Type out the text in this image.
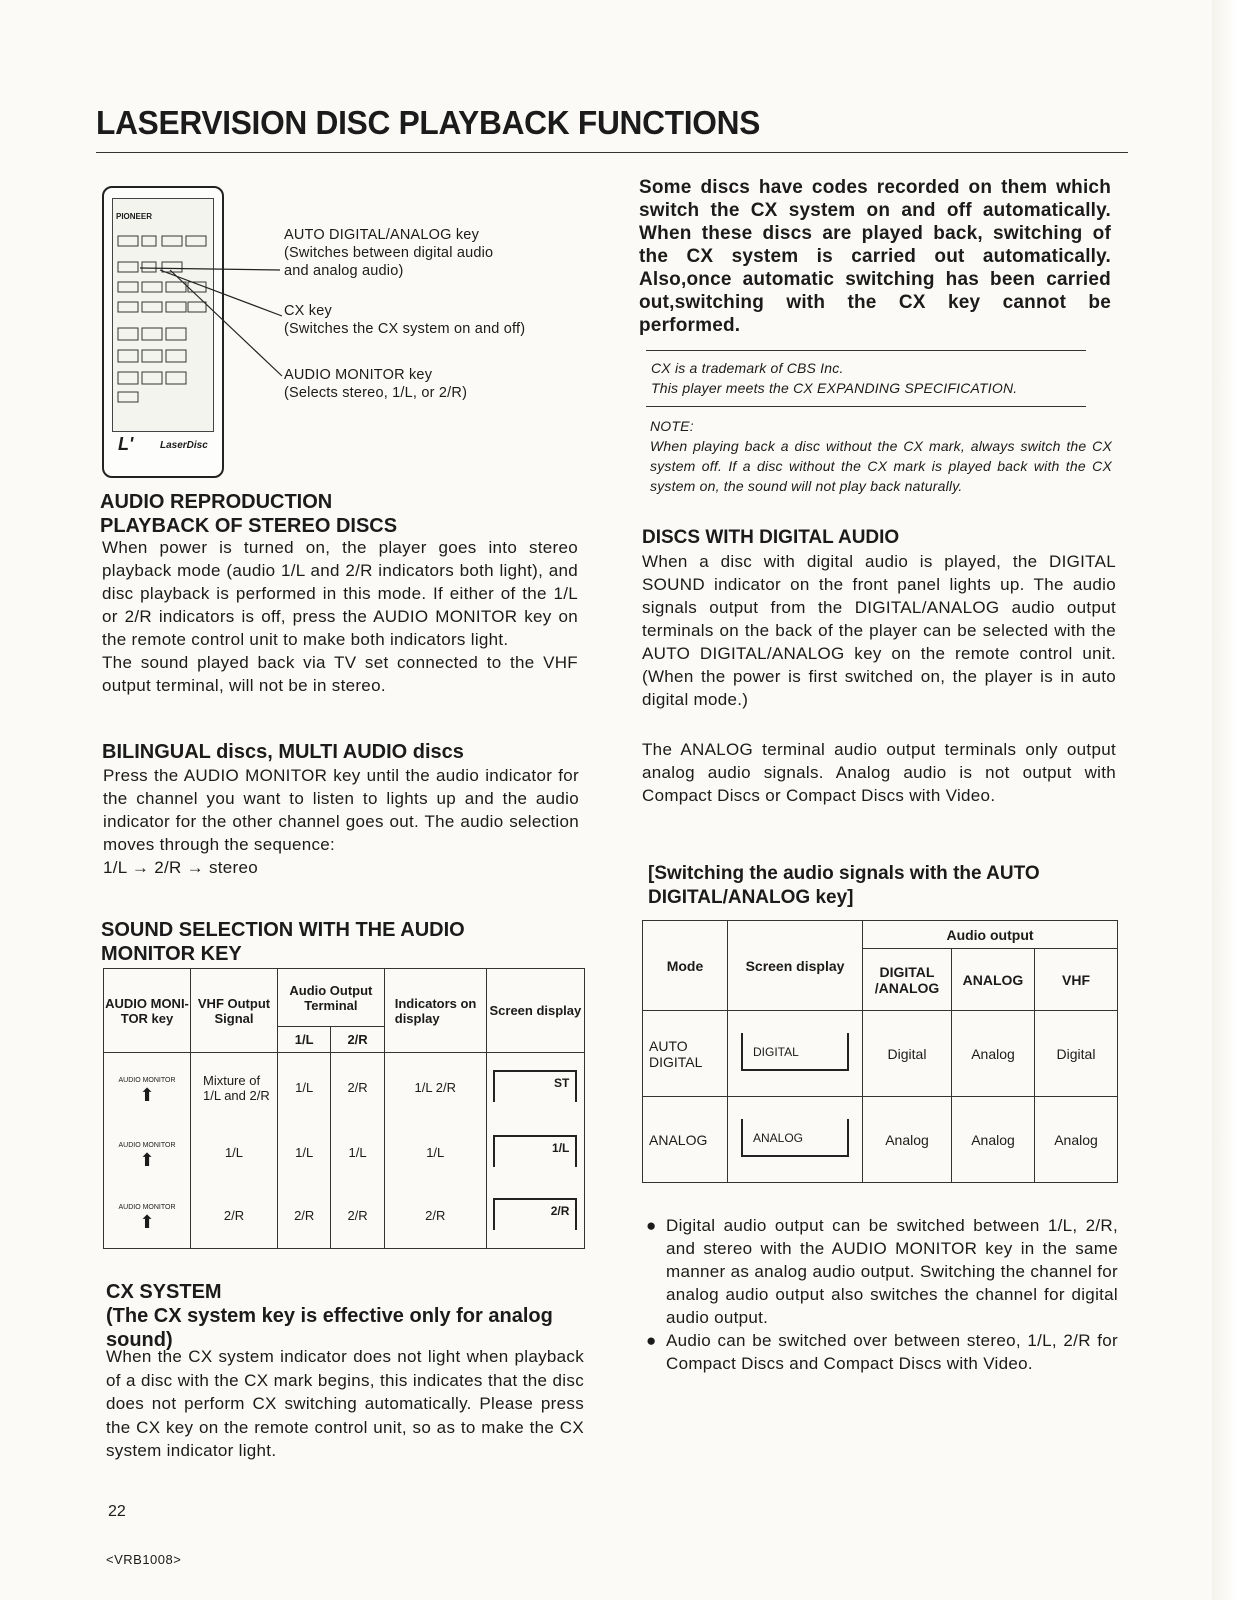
LASERVISION DISC PLAYBACK FUNCTIONS
PIONEER
L'	LaserDisc
AUTO DIGITAL/ANALOG key
(Switches between digital audio
and analog audio)
CX key
(Switches the CX system on and off)
AUDIO MONITOR key
(Selects stereo, 1/L, or 2/R)
AUDIO REPRODUCTION
PLAYBACK OF STEREO DISCS

When power is turned on, the player goes into stereo playback mode (audio 1/L and 2/R indicators both light), and disc playback is performed in this mode. If either of the 1/L or 2/R indicators is off, press the AUDIO MONITOR key on the remote control unit to make both indicators light.

The sound played back via TV set connected to the VHF output terminal, will not be in stereo.

BILINGUAL discs, MULTI AUDIO discs

Press the AUDIO MONITOR key until the audio indicator for the channel you want to listen to lights up and the audio indicator for the other channel goes out. The audio selection moves through the sequence:

1/L → 2/R → stereo

SOUND SELECTION WITH THE AUDIO
MONITOR KEY
AUDIO MONI- TOR key	VHF Output Signal	Audio Output Terminal		Indicators on display	Screen display
		1/L	2/R		
AUDIO MONITOR
⬆	Mixture of 1/L and 2/R	1/L	2/R	1/L 2/R	ST

AUDIO MONITOR
⬆	1/L	1/L	1/L	1/L	1/L

AUDIO MONITOR
⬆	2/R	2/R	2/R	2/R	2/R
CX SYSTEM
(The CX system key is effective only for analog sound)
When the CX system indicator does not light when playback of a disc with the CX mark begins, this indicates that the disc does not perform CX switching automatically. Please press the CX key on the remote control unit, so as to make the CX system indicator light.
22
<VRB1008>
Some discs have codes recorded on them which switch the CX system on and off automatically. When these discs are played back, switching of the CX system is carried out automatically. Also,once automatic switching has been carried out,switching with the CX key cannot be performed.
CX is a trademark of CBS Inc.
This player meets the CX EXPANDING SPECIFICATION.
NOTE:
When playing back a disc without the CX mark, always switch the CX system off. If a disc without the CX mark is played back with the CX system on, the sound will not play back naturally.
DISCS WITH DIGITAL AUDIO
When a disc with digital audio is played, the DIGITAL SOUND indicator on the front panel lights up. The audio signals output from the DIGITAL/ANALOG audio output terminals on the back of the player can be selected with the AUTO DIGITAL/ANALOG key on the remote control unit. (When the power is first switched on, the player is in auto digital mode.)
The ANALOG terminal audio output terminals only output analog audio signals. Analog audio is not output with Compact Discs or Compact Discs with Video.
[Switching the audio signals with the AUTO DIGITAL/ANALOG key]
Mode	Screen display	Audio output		
		DIGITAL /ANALOG	ANALOG	VHF
AUTO DIGITAL	DIGITAL	Digital	Analog	Digital
ANALOG	ANALOG	Analog	Analog	Analog
● Digital audio output can be switched between 1/L, 2/R, and stereo with the AUDIO MONITOR key in the same manner as analog audio output. Switching the channel for analog audio output also switches the channel for digital audio output.
● Audio can be switched over between stereo, 1/L, 2/R for Compact Discs and Compact Discs with Video.
